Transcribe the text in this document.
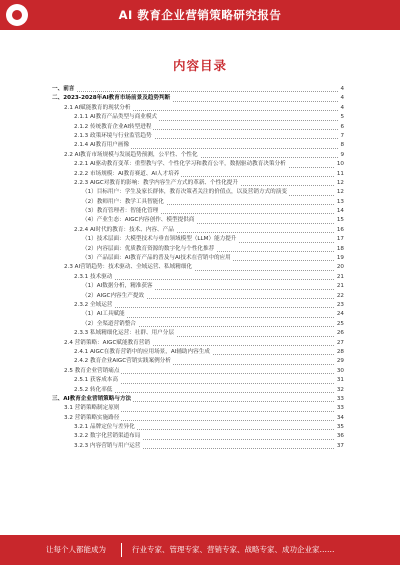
AI 教育企业营销策略研究报告
内容目录
一、前言	4
二、2023-2028年AI教育市场前景及趋势判断	4
2.1 AI赋能教育的现状分析	4
2.1.1 AI教育产品类型与商业模式	5
2.1.2 传统教育企业AI转型进程	6
2.1.3 政策环境与行业监管趋势	7
2.1.4 AI教育用户画像	8
2.2 AI教育市场规模与发展趋势预测，公平性、个性化	9
2.2.1 AI驱动教育变革：重塑教与学、个性化学习和教育公平，数据驱动教育决策分析	10
2.2.2 市场规模：AI教育赛道、AI人才培养	11
2.2.3 AIGC对教育的影响：教学内容生产方式的革新、个性化提升	12
（1）目标用户：学生及家长群体，教育决策者关注的价值点，以及营销方式的演变	12
（2）教师用户：教学工具智能化	13
（3）教育管理者：智能化管理	14
（4）产业生态：AIGC内容创作、模型提供商	15
2.2.4 AI时代的教育：技术、内容、产品	16
（1）技术层面：大模型技术与垂直领域模型（LLM）能力提升	17
（2）内容层面：优质教育资源的数字化与个性化推荐	18
（3）产品层面：AI教育产品的普及与AI技术在营销中的应用	19
2.3 AI营销趋势：技术驱动、全域运营、私域精细化	20
2.3.1 技术驱动	21
（1）AI数据分析，精准获客	21
（2）AIGC内容生产提效	22
2.3.2 全域运营	23
（1）AI工具赋能	24
（2）全渠道营销整合	25
2.3.3 私域精细化运营：社群、用户分层	26
2.4 营销策略：AIGC赋能教育营销	27
2.4.1 AIGC在教育营销中的应用场景，AI辅助内容生成	28
2.4.2 教育企业AIGC营销实践案例分析	29
2.5 教育企业营销痛点	30
2.5.1 获客成本高	31
2.5.2 转化率低	32
三、AI教育企业营销策略与方法	33
3.1 营销策略制定原则	33
3.2 营销策略实施路径	34
3.2.1 品牌定位与差异化	35
3.2.2 数字化营销渠道布局	36
3.2.3 内容营销与用户运营	37
让每个人都能成为	行业专家、管理专家、营销专家、战略专家、成功企业家……
